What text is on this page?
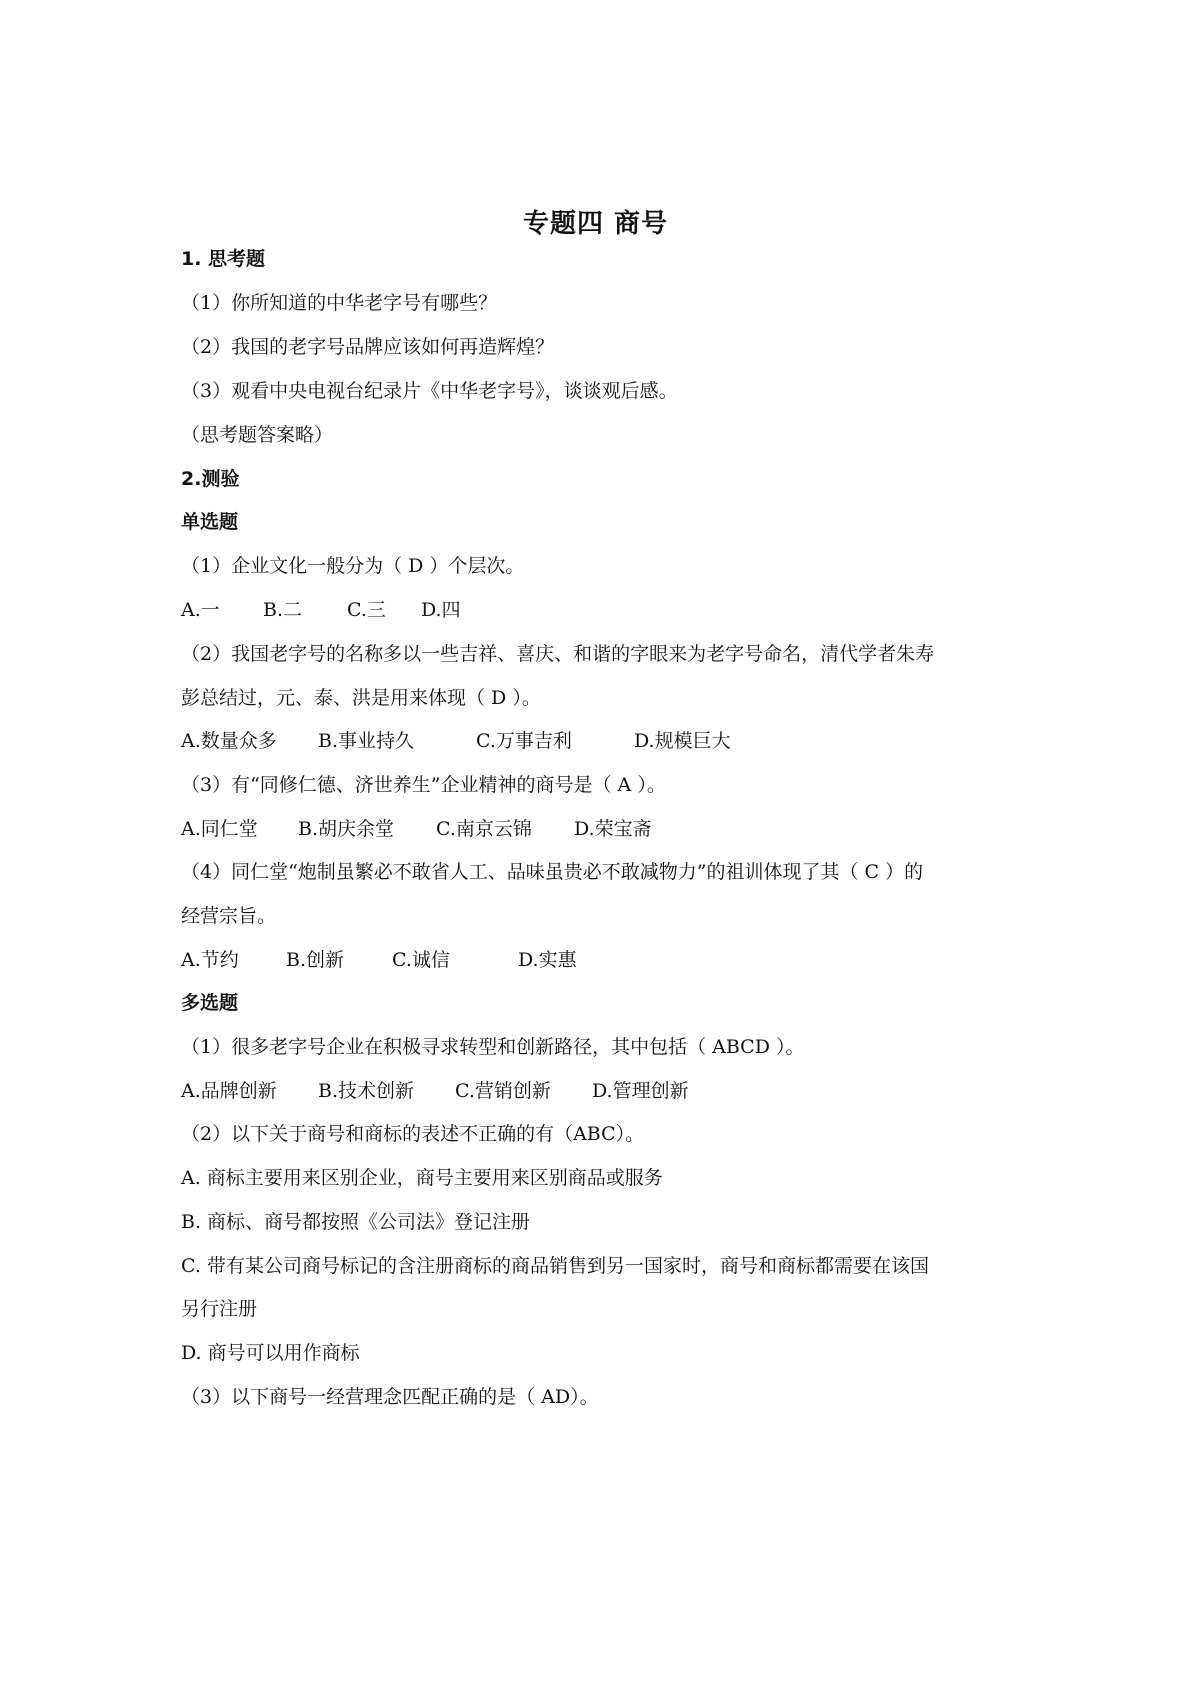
专题四 商号
1. 思考题
（1）你所知道的中华老字号有哪些？
（2）我国的老字号品牌应该如何再造辉煌？
（3）观看中央电视台纪录片《中华老字号》，谈谈观后感。
（思考题答案略）
2.测验
单选题
（1）企业文化一般分为（ D ）个层次。
A.一 B.二 C.三 D.四
（2）我国老字号的名称多以一些吉祥、喜庆、和谐的字眼来为老字号命名，清代学者朱寿
彭总结过，元、泰、洪是用来体现（ D ）。
A.数量众多 B.事业持久	C.万事吉利	D.规模巨大
（3）有“同修仁德、济世养生”企业精神的商号是（ A ）。
A.同仁堂 B.胡庆余堂 C.南京云锦 D.荣宝斋
（4）同仁堂“炮制虽繁必不敢省人工、品味虽贵必不敢减物力”的祖训体现了其（ C ）的
经营宗旨。
A.节约 B.创新	C.诚信	D.实惠
多选题
（1）很多老字号企业在积极寻求转型和创新路径，其中包括（ ABCD ）。
A.品牌创新 B.技术创新 C.营销创新 D.管理创新
（2）以下关于商号和商标的表述不正确的有（ABC）。
A. 商标主要用来区别企业，商号主要用来区别商品或服务
B. 商标、商号都按照《公司法》登记注册
C. 带有某公司商号标记的含注册商标的商品销售到另一国家时，商号和商标都需要在该国
另行注册
D. 商号可以用作商标
（3）以下商号一经营理念匹配正确的是（ AD）。
